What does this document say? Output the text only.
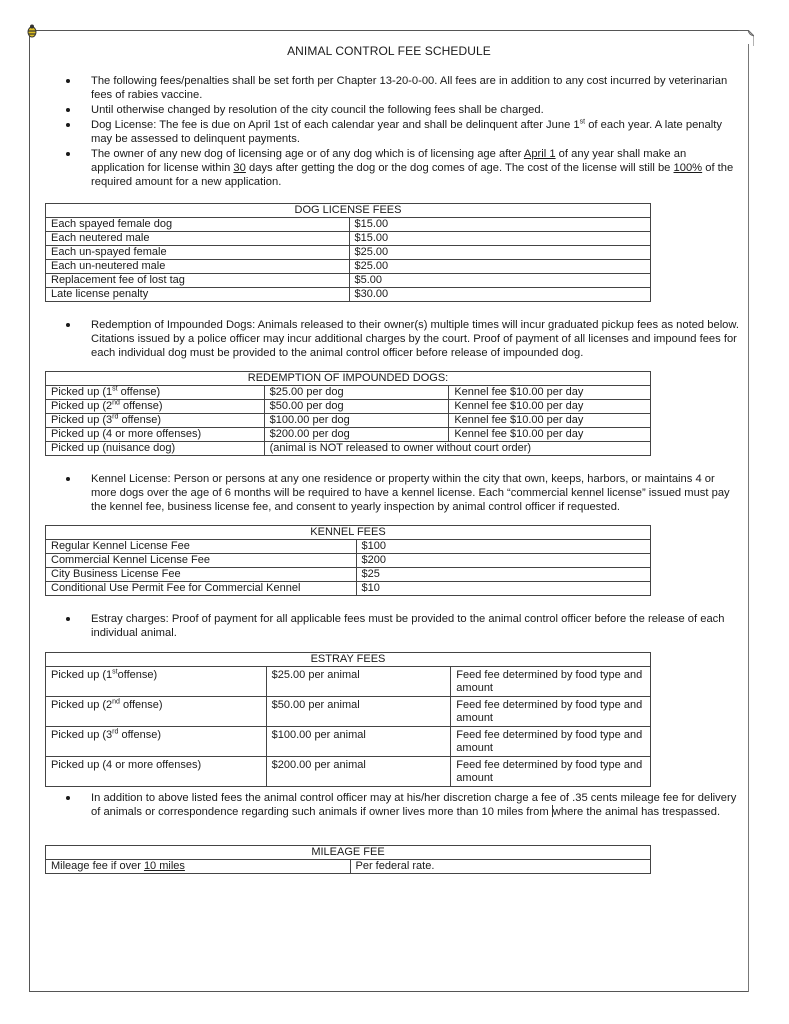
ANIMAL CONTROL FEE SCHEDULE
The following fees/penalties shall be set forth per Chapter 13-20-0-00. All fees are in addition to any cost incurred by veterinarian fees of rabies vaccine.
Until otherwise changed by resolution of the city council the following fees shall be charged.
Dog License: The fee is due on April 1st of each calendar year and shall be delinquent after June 1st of each year. A late penalty may be assessed to delinquent payments.
The owner of any new dog of licensing age or of any dog which is of licensing age after April 1 of any year shall make an application for license within 30 days after getting the dog or the dog comes of age. The cost of the license will still be 100% of the required amount for a new application.
DOG LICENSE FEES	
Each spayed female dog	$15.00
Each neutered male	$15.00
Each un-spayed female	$25.00
Each un-neutered male	$25.00
Replacement fee of lost tag	$5.00
Late license penalty	$30.00
Redemption of Impounded Dogs: Animals released to their owner(s) multiple times will incur graduated pickup fees as noted below. Citations issued by a police officer may incur additional charges by the court. Proof of payment of all licenses and impound fees for each individual dog must be provided to the animal control officer before release of impounded dog.
REDEMPTION OF IMPOUNDED DOGS:		
Picked up (1st offense)	$25.00 per dog	Kennel fee $10.00 per day
Picked up (2nd offense)	$50.00 per dog	Kennel fee $10.00 per day
Picked up (3rd offense)	$100.00 per dog	Kennel fee $10.00 per day
Picked up (4 or more offenses)	$200.00 per dog	Kennel fee $10.00 per day
Picked up (nuisance dog)	(animal is NOT released to owner without court order)	
Kennel License: Person or persons at any one residence or property within the city that own, keeps, harbors, or maintains 4 or more dogs over the age of 6 months will be required to have a kennel license. Each “commercial kennel license” issued must pay the kennel fee, business license fee, and consent to yearly inspection by animal control officer if requested.
KENNEL FEES	
Regular Kennel License Fee	$100
Commercial Kennel License Fee	$200
City Business License Fee	$25
Conditional Use Permit Fee for Commercial Kennel	$10
Estray charges: Proof of payment for all applicable fees must be provided to the animal control officer before the release of each individual animal.
ESTRAY FEES		
Picked up (1stoffense)	$25.00 per animal	Feed fee determined by food type and amount
Picked up (2nd offense)	$50.00 per animal	Feed fee determined by food type and amount
Picked up (3rd offense)	$100.00 per animal	Feed fee determined by food type and amount
Picked up (4 or more offenses)	$200.00 per animal	Feed fee determined by food type and amount
In addition to above listed fees the animal control officer may at his/her discretion charge a fee of .35 cents mileage fee for delivery of animals or correspondence regarding such animals if owner lives more than 10 miles from where the animal has trespassed.
MILEAGE FEE
Mileage fee if over 10 miles	Per federal rate.
